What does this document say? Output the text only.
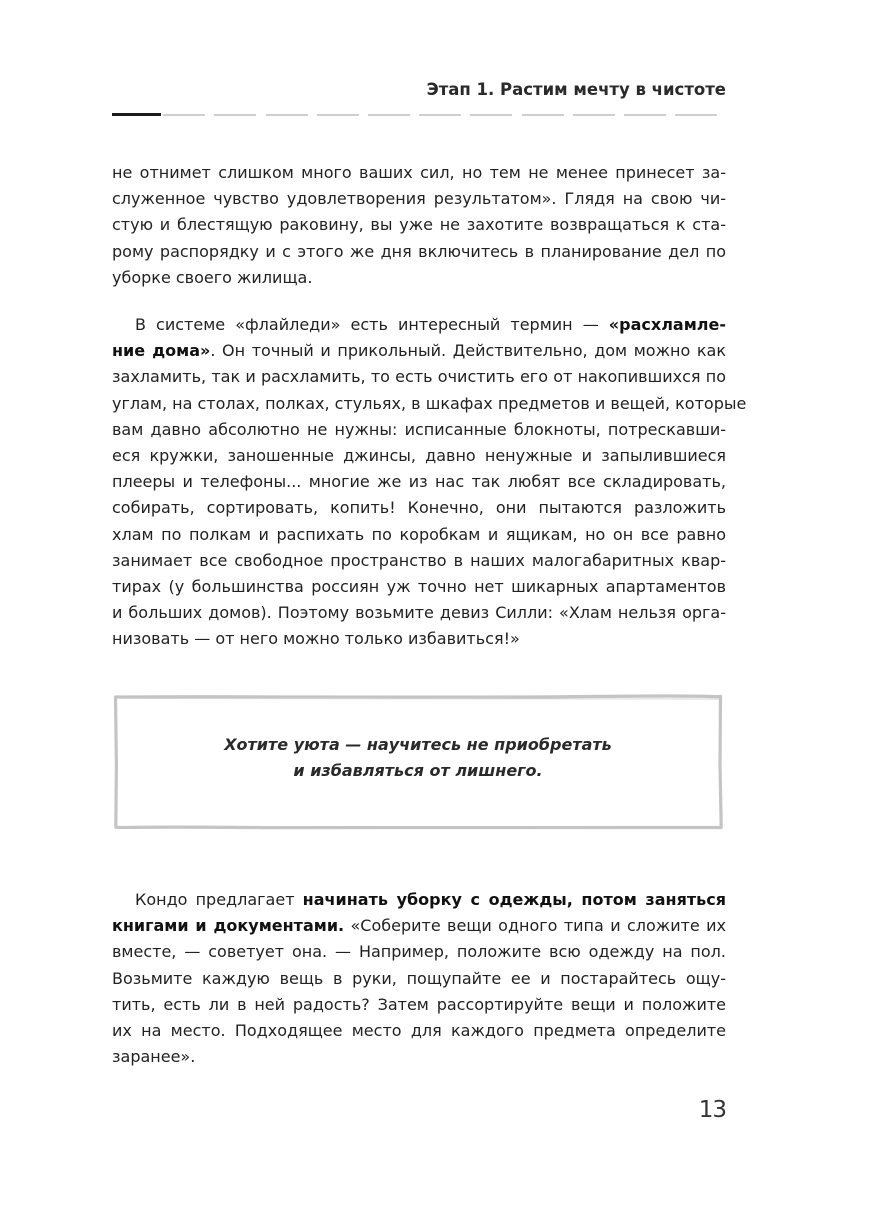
Этап 1. Растим мечту в чистоте
не отнимет слишком много ваших сил, но тем не менее принесет за-
служенное чувство удовлетворения результатом». Глядя на свою чи-
стую и блестящую раковину, вы уже не захотите возвращаться к ста-
рому распорядку и с этого же дня включитесь в планирование дел по
уборке своего жилища.
В системе «флайледи» есть интересный термин — «расхламле-
ние дома». Он точный и прикольный. Действительно, дом можно как
захламить, так и расхламить, то есть очистить его от накопившихся по
углам, на столах, полках, стульях, в шкафах предметов и вещей, которые
вам давно абсолютно не нужны: исписанные блокноты, потрескавши-
еся кружки, заношенные джинсы, давно ненужные и запылившиеся
плееры и телефоны... многие же из нас так любят все складировать,
собирать, сортировать, копить! Конечно, они пытаются разложить
хлам по полкам и распихать по коробкам и ящикам, но он все равно
занимает все свободное пространство в наших малогабаритных квар-
тирах (у большинства россиян уж точно нет шикарных апартаментов
и больших домов). Поэтому возьмите девиз Силли: «Хлам нельзя орга-
низовать — от него можно только избавиться!»
Хотите уюта — научитесь не приобретать
и избавляться от лишнего.
Кондо предлагает начинать уборку с одежды, потом заняться
книгами и документами. «Соберите вещи одного типа и сложите их
вместе, — советует она. — Например, положите всю одежду на пол.
Возьмите каждую вещь в руки, пощупайте ее и постарайтесь ощу-
тить, есть ли в ней радость? Затем рассортируйте вещи и положите
их на место. Подходящее место для каждого предмета определите
заранее».
13
